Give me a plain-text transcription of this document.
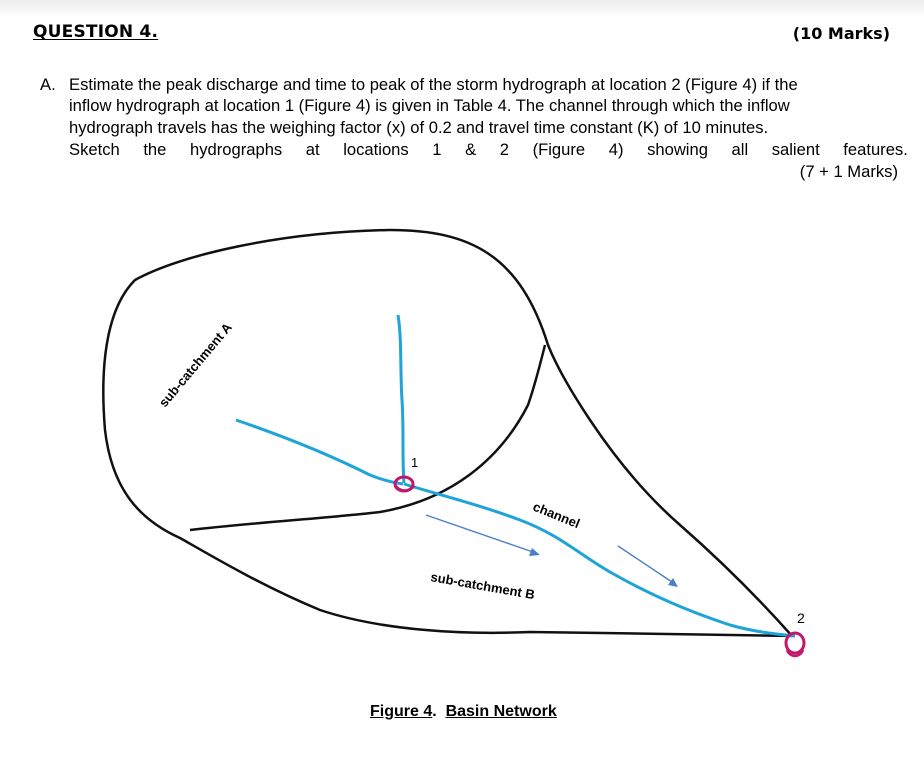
QUESTION 4.	(10 Marks)
A. Estimate the peak discharge and time to peak of the storm hydrograph at location 2 (Figure 4) if the
inflow hydrograph at location 1 (Figure 4) is given in Table 4. The channel through which the inflow
hydrograph travels has the weighing factor (x) of 0.2 and travel time constant (K) of 10 minutes.
Sketch the hydrographs at locations 1 & 2 (Figure 4) showing all salient features.
(7 + 1 Marks)
sub-catchment A
channel
sub-catchment B
1
2
Figure 4.  Basin Network
